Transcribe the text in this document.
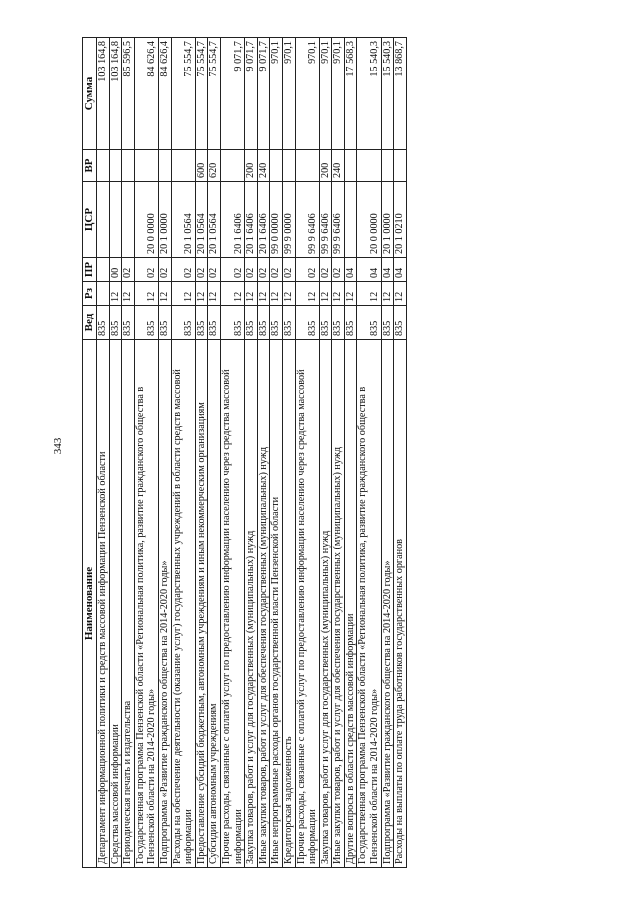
343
Наименование	Вед	Рз	ПР	ЦСР	ВР	Сумма
Департамент информационной политики и средств массовой информации Пензенской области	835					103 164,8
Средства массовой информации	835	12	00			103 164,8
Периодическая печать и издательства	835	12	02			85 596,5
Государственная программа Пензенской области «Региональная политика, развитие гражданского общества в Пензенской области на 2014-2020 годы»	835	12	02	20 0 0000		84 626,4
Подпрограмма «Развитие гражданского общества на 2014-2020 годы»	835	12	02	20 1 0000		84 626,4
Расходы на обеспечение деятельности (оказание услуг) государственных учреждений в области средств массовой информации	835	12	02	20 1 0564		75 554,7
Предоставление субсидий бюджетным, автономным учреждениям и иным некоммерческим организациям	835	12	02	20 1 0564	600	75 554,7
Субсидии автономным учреждениям	835	12	02	20 1 0564	620	75 554,7
Прочие расходы, связанные с оплатой услуг по предоставлению информации населению через средства массовой информации	835	12	02	20 1 6406		9 071,7
Закупка товаров, работ и услуг для государственных (муниципальных) нужд	835	12	02	20 1 6406	200	9 071,7
Иные закупки товаров, работ и услуг для обеспечения государственных (муниципальных) нужд	835	12	02	20 1 6406	240	9 071,7
Иные непрограммные расходы органов государственной власти Пензенской области	835	12	02	99 0 0000		970,1
Кредиторская задолженность	835	12	02	99 9 0000		970,1
Прочие расходы, связанные с оплатой услуг по предоставлению информации населению через средства массовой информации	835	12	02	99 9 6406		970,1
Закупка товаров, работ и услуг для государственных (муниципальных) нужд	835	12	02	99 9 6406	200	970,1
Иные закупки товаров, работ и услуг для обеспечения государственных (муниципальных) нужд	835	12	02	99 9 6406	240	970,1
Другие вопросы в области средств массовой информации	835	12	04			17 568,3
Государственная программа Пензенской области «Региональная политика, развитие гражданского общества в Пензенской области на 2014-2020 годы»	835	12	04	20 0 0000		15 540,3
Подпрограмма «Развитие гражданского общества на 2014-2020 годы»	835	12	04	20 1 0000		15 540,3
Расходы на выплаты по оплате труда работников государственных органов	835	12	04	20 1 0210		13 868,7
